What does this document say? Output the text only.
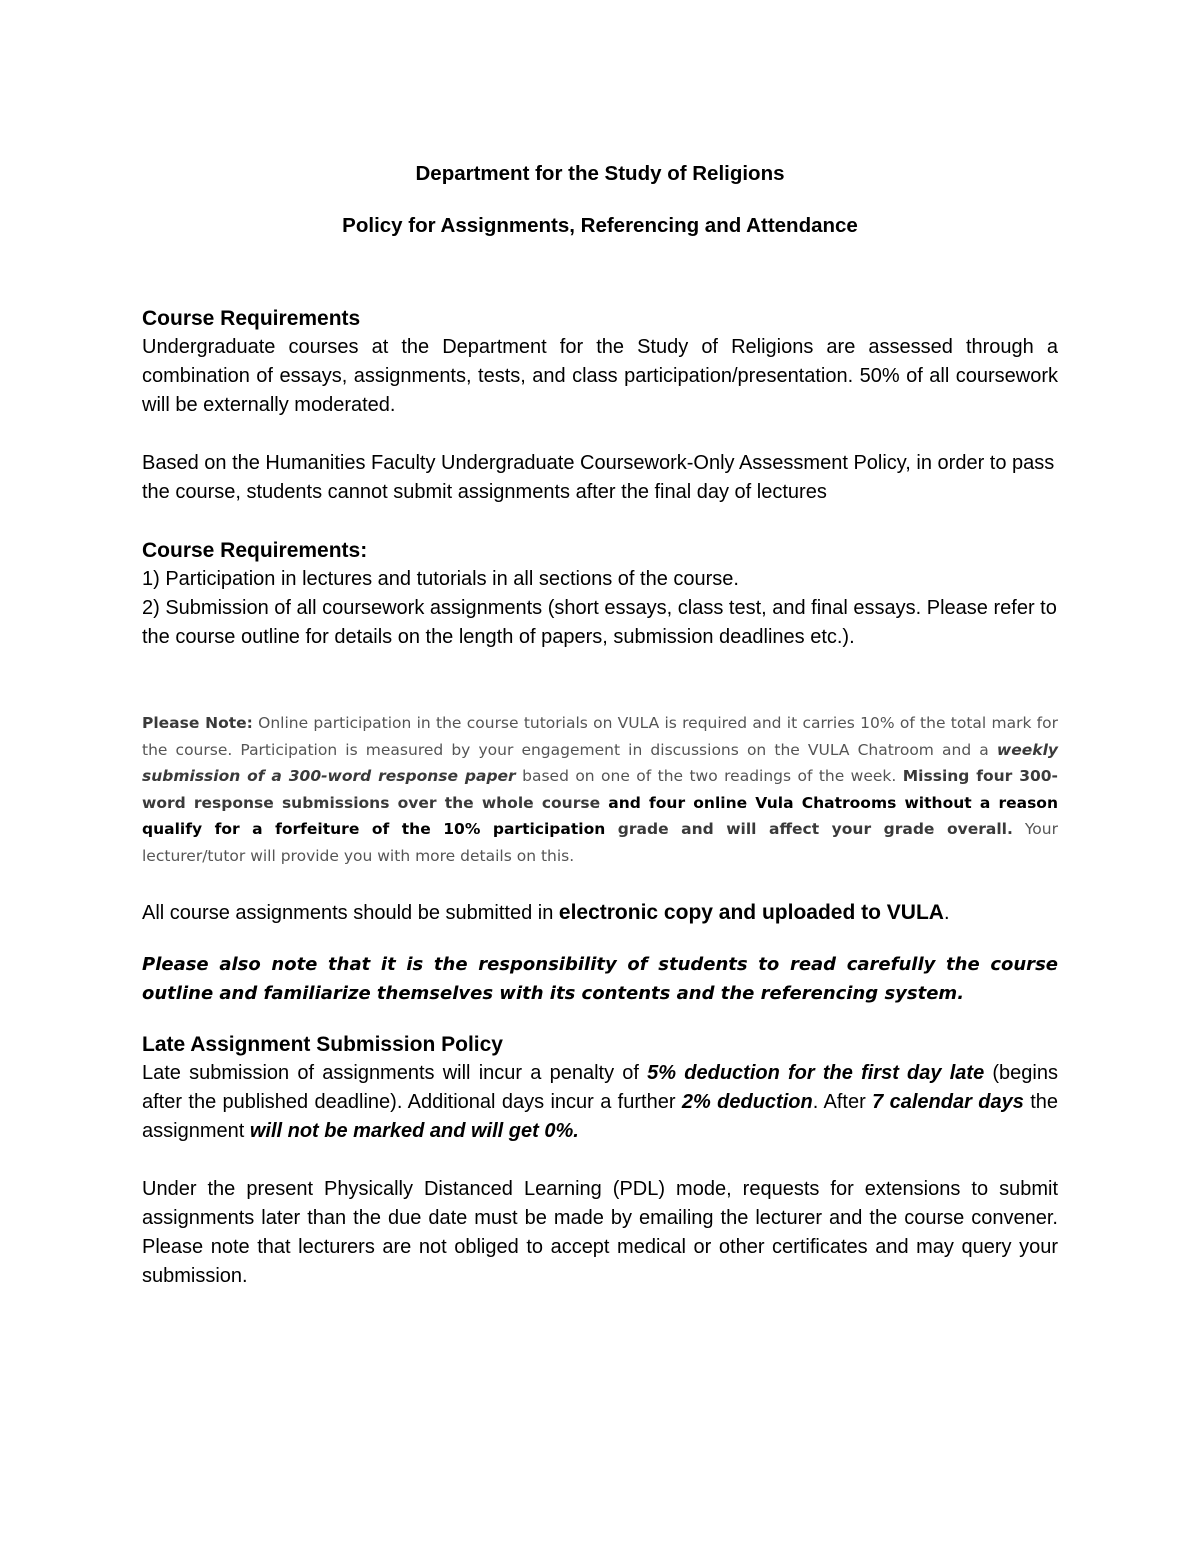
Department for the Study of Religions
Policy for Assignments, Referencing and Attendance
Course Requirements

Undergraduate courses at the Department for the Study of Religions are assessed through a combination of essays, assignments, tests, and class participation/presentation. 50% of all coursework will be externally moderated.

Based on the Humanities Faculty Undergraduate Coursework-Only Assessment Policy, in order to pass the course, students cannot submit assignments after the final day of lectures

Course Requirements:

1) Participation in lectures and tutorials in all sections of the course.

2) Submission of all coursework assignments (short essays, class test, and final essays. Please refer to the course outline for details on the length of papers, submission deadlines etc.).

Please Note: Online participation in the course tutorials on VULA is required and it carries 10% of the total mark for the course. Participation is measured by your engagement in discussions on the VULA Chatroom and a weekly submission of a 300-word response paper based on one of the two readings of the week. Missing four 300-word response submissions over the whole course and four online Vula Chatrooms without a reason qualify for a forfeiture of the 10% participation grade and will affect your grade overall. Your lecturer/tutor will provide you with more details on this.

All course assignments should be submitted in electronic copy and uploaded to VULA.

Please also note that it is the responsibility of students to read carefully the course outline and familiarize themselves with its contents and the referencing system.

Late Assignment Submission Policy

Late submission of assignments will incur a penalty of 5% deduction for the first day late (begins after the published deadline). Additional days incur a further 2% deduction. After 7 calendar days the assignment will not be marked and will get 0%.

Under the present Physically Distanced Learning (PDL) mode, requests for extensions to submit assignments later than the due date must be made by emailing the lecturer and the course convener. Please note that lecturers are not obliged to accept medical or other certificates and may query your submission.
